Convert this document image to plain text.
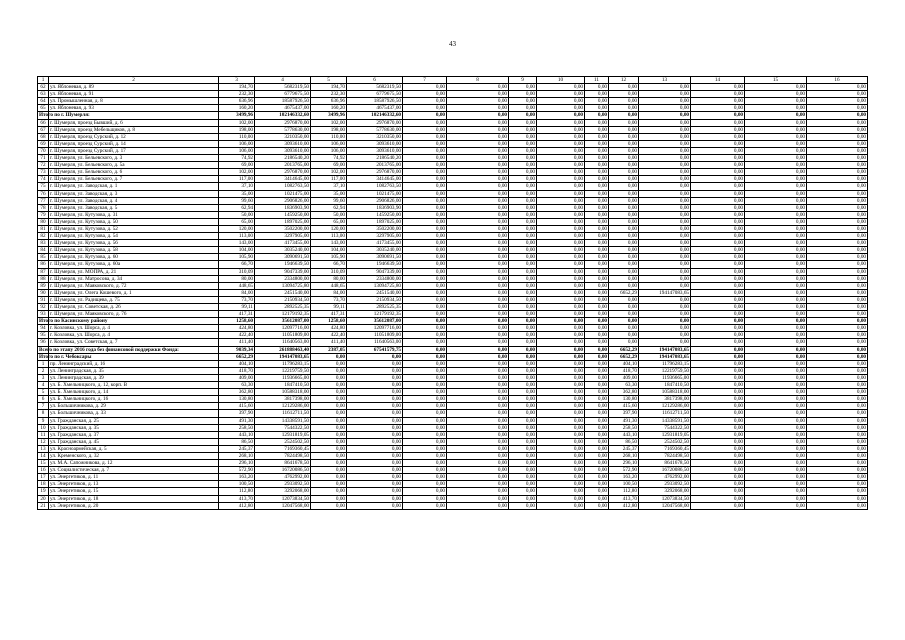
43
1	2	3	4	5	6	7	8	9	10	11	12	13	14	15	16
62	ул. Яблоневая, д. 89	194,70	5682319,50	194,70	5682319,50	0,00	0,00	0,00	0,00	0,00	0,00	0,00	0,00	0,00	0,00
63	ул. Яблоневая, д. 91	232,30	6779675,50	232,30	6779675,50	0,00	0,00	0,00	0,00	0,00	0,00	0,00	0,00	0,00	0,00
64	ул. Промышленная, д. 8	636,96	18587926,50	636,96	18587926,50	0,00	0,00	0,00	0,00	0,00	0,00	0,00	0,00	0,00	0,00
65	ул. Яблоневая, д. 93	160,20	4675437,00	160,20	4675437,00	0,00	0,00	0,00	0,00	0,00	0,00	0,00	0,00	0,00	0,00
Итого по г. Шумерля:		3499,96	102146332,60	3499,96	102146332,60	0,00	0,00	0,00	0,00	0,00	0,00	0,00	0,00	0,00	0,00
66	г. Шумерля, проезд Бывший, д. 6	102,00	2976870,00	102,00	2976870,00	0,00	0,00	0,00	0,00	0,00	0,00	0,00	0,00	0,00	0,00
67	г. Шумерля, проезд Мебельщиков, д. 8	198,00	5778630,00	198,00	5778630,00	0,00	0,00	0,00	0,00	0,00	0,00	0,00	0,00	0,00	0,00
68	г. Шумерля, проезд Сурский, д. 12	110,00	3210350,00	110,00	3210350,00	0,00	0,00	0,00	0,00	0,00	0,00	0,00	0,00	0,00	0,00
69	г. Шумерля, проезд Сурский, д. 14	106,00	3093610,00	106,00	3093610,00	0,00	0,00	0,00	0,00	0,00	0,00	0,00	0,00	0,00	0,00
70	г. Шумерля, проезд Сурский, д. 17	106,00	3093610,00	106,00	3093610,00	0,00	0,00	0,00	0,00	0,00	0,00	0,00	0,00	0,00	0,00
71	г. Шумерля, ул. Бельевского, д. 3	74,92	2186540,20	74,92	2186540,20	0,00	0,00	0,00	0,00	0,00	0,00	0,00	0,00	0,00	0,00
72	г. Шумерля, ул. Бельевского, д. 5а	69,00	2013765,00	69,00	2013765,00	0,00	0,00	0,00	0,00	0,00	0,00	0,00	0,00	0,00	0,00
73	г. Шумерля, ул. Бельевского, д. 6	102,00	2976870,00	102,00	2976870,00	0,00	0,00	0,00	0,00	0,00	0,00	0,00	0,00	0,00	0,00
74	г. Шумерля, ул. Бельевского, д. 7	117,00	3414645,00	117,00	3414645,00	0,00	0,00	0,00	0,00	0,00	0,00	0,00	0,00	0,00	0,00
75	г. Шумерля, ул. Заводская, д. 1	37,10	1082763,50	37,10	1082763,50	0,00	0,00	0,00	0,00	0,00	0,00	0,00	0,00	0,00	0,00
76	г. Шумерля, ул. Заводская, д. 3	35,00	1021475,00	35,00	1021475,00	0,00	0,00	0,00	0,00	0,00	0,00	0,00	0,00	0,00	0,00
77	г. Шумерля, ул. Заводская, д. 4	99,60	2906826,00	99,60	2906826,00	0,00	0,00	0,00	0,00	0,00	0,00	0,00	0,00	0,00	0,00
78	г. Шумерля, ул. Заводская, д. 5	62,94	1836903,90	62,94	1836903,90	0,00	0,00	0,00	0,00	0,00	0,00	0,00	0,00	0,00	0,00
79	г. Шумерля, ул. Кутузова, д. 31	50,00	1459250,00	50,00	1459250,00	0,00	0,00	0,00	0,00	0,00	0,00	0,00	0,00	0,00	0,00
80	г. Шумерля, ул. Кутузова, д. 50	65,00	1897025,00	65,00	1897025,00	0,00	0,00	0,00	0,00	0,00	0,00	0,00	0,00	0,00	0,00
81	г. Шумерля, ул. Кутузова, д. 52	120,00	3502200,00	120,00	3502200,00	0,00	0,00	0,00	0,00	0,00	0,00	0,00	0,00	0,00	0,00
82	г. Шумерля, ул. Кутузова, д. 54	113,00	3297905,00	113,00	3297905,00	0,00	0,00	0,00	0,00	0,00	0,00	0,00	0,00	0,00	0,00
83	г. Шумерля, ул. Кутузова, д. 56	143,00	4173455,00	143,00	4173455,00	0,00	0,00	0,00	0,00	0,00	0,00	0,00	0,00	0,00	0,00
84	г. Шумерля, ул. Кутузова, д. 58	104,00	3035240,00	104,00	3035240,00	0,00	0,00	0,00	0,00	0,00	0,00	0,00	0,00	0,00	0,00
85	г. Шумерля, ул. Кутузова, д. 60	105,90	3090691,50	105,90	3090691,50	0,00	0,00	0,00	0,00	0,00	0,00	0,00	0,00	0,00	0,00
86	г. Шумерля, ул. Кутузова, д. 60а	66,70	1946639,50	66,70	1946639,50	0,00	0,00	0,00	0,00	0,00	0,00	0,00	0,00	0,00	0,00
87	г. Шумерля, ул. МОПРА, д. 21	310,09	9047339,00	310,09	9047339,00	0,00	0,00	0,00	0,00	0,00	0,00	0,00	0,00	0,00	0,00
88	г. Шумерля, ул. Матросова, д. 34	80,00	2334800,00	80,00	2334800,00	0,00	0,00	0,00	0,00	0,00	0,00	0,00	0,00	0,00	0,00
89	г. Шумерля, ул. Маяковского, д. 72	448,65	13094725,80	448,65	13094725,80	0,00	0,00	0,00	0,00	0,00	0,00	0,00	0,00	0,00	0,00
90	г. Шумерля, ул. Олега Кошевого, д. 1	84,00	2451540,00	84,00	2451540,00	0,00	0,00	0,00	0,00	0,00	6652,29	194147083,65	0,00	0,00	0,00
91	г. Шумерля, ул. Радищева, д. 75	73,70	2150934,50	73,70	2150934,50	0,00	0,00	0,00	0,00	0,00	0,00	0,00	0,00	0,00	0,00
92	г. Шумерля, ул. Советская, д. 26	99,11	2892525,35	99,11	2892525,35	0,00	0,00	0,00	0,00	0,00	0,00	0,00	0,00	0,00	0,00
93	г. Шумерля, ул. Маяковского, д. 76	417,31	12179192,35	417,31	12179192,35	0,00	0,00	0,00	0,00	0,00	0,00	0,00	0,00	0,00	0,00
Итого по Касинскому району		1258,60	35612087,00	1258,60	35612087,00	0,00	0,00	0,00	0,00	0,00	0,00	0,00	0,00	0,00	0,00
94	г. Козловка, ул. Шорса, д. 4	424,80	12097716,00	424,80	12097716,00	0,00	0,00	0,00	0,00	0,00	0,00	0,00	0,00	0,00	0,00
95	г. Козловка, ул. Шорса, д. 4	422,40	11051809,00	422,40	11051809,00	0,00	0,00	0,00	0,00	0,00	0,00	0,00	0,00	0,00	0,00
96	г. Козловка, ул. Советская, д. 7	411,40	11640563,00	411,40	11640563,00	0,00	0,00	0,00	0,00	0,00	0,00	0,00	0,00	0,00	0,00
Всего по этапу 2016 года без финансовой поддержки Фонда:		9039,34	261888463,40	2387,05	67541579,75	0,00	0,00	0,00	0,00	0,00	6652,29	194147083,65	0,00	0,00	0,00
Итого по г. Чебоксары		6652,29	194147083,65	0,00	0,00	0,00	0,00	0,00	0,00	0,00	6652,29	194147083,65	0,00	0,00	0,00
1	пр. Ленинградский, д. 16	404,10	11796283,15	0,00	0,00	0,00	0,00	0,00	0,00	0,00	404,10	11796283,15	0,00	0,00	0,00
2	ул. Ленинградская, д. 35	418,70	12219759,50	0,00	0,00	0,00	0,00	0,00	0,00	0,00	418,70	12219759,50	0,00	0,00	0,00
3	ул. Ленинградская, д. 39	409,00	11936665,00	0,00	0,00	0,00	0,00	0,00	0,00	0,00	409,00	11936665,00	0,00	0,00	0,00
4	ул. Б. Хмельницкого, д. 12, корп. В	63,30	1847410,50	0,00	0,00	0,00	0,00	0,00	0,00	0,00	63,30	1847410,50	0,00	0,00	0,00
5	ул. Б. Хмельницкого, д. 14	362,80	10588318,00	0,00	0,00	0,00	0,00	0,00	0,00	0,00	362,80	10588318,00	0,00	0,00	0,00
6	ул. Б. Хмельницкого, д. 16	130,80	3817398,00	0,00	0,00	0,00	0,00	0,00	0,00	0,00	130,80	3817398,00	0,00	0,00	0,00
7	ул. Болъшичникова, д. 29	415,60	12129286,00	0,00	0,00	0,00	0,00	0,00	0,00	0,00	415,60	12129286,00	0,00	0,00	0,00
8	ул. Болъшичникова, д. 33	397,90	11612711,50	0,00	0,00	0,00	0,00	0,00	0,00	0,00	397,90	11612711,50	0,00	0,00	0,00
9	ул. Гражданская, д. 25	491,30	14338591,50	0,00	0,00	0,00	0,00	0,00	0,00	0,00	491,30	14338591,50	0,00	0,00	0,00
10	ул. Гражданская, д. 35	258,50	7544322,50	0,00	0,00	0,00	0,00	0,00	0,00	0,00	258,50	7544322,50	0,00	0,00	0,00
11	ул. Гражданская, д. 37	443,10	12931819,05	0,00	0,00	0,00	0,00	0,00	0,00	0,00	443,10	12931819,05	0,00	0,00	0,00
12	ул. Гражданская, д. 45	86,50	2524502,50	0,00	0,00	0,00	0,00	0,00	0,00	0,00	86,50	2524502,50	0,00	0,00	0,00
13	ул. Красноармейская, д. 5	245,37	7169360,45	0,00	0,00	0,00	0,00	0,00	0,00	0,00	245,37	7169360,45	0,00	0,00	0,00
14	ул. Кременского, д. 32	268,10	7824498,50	0,00	0,00	0,00	0,00	0,00	0,00	0,00	268,10	7824498,50	0,00	0,00	0,00
15	ул. М.А. Сапожникова, д. 12	296,10	8641678,50	0,00	0,00	0,00	0,00	0,00	0,00	0,00	296,10	8641678,50	0,00	0,00	0,00
16	ул. Социалистическая, д. 7	572,90	16720086,50	0,00	0,00	0,00	0,00	0,00	0,00	0,00	572,90	16720086,50	0,00	0,00	0,00
17	ул. Энергетиков, д. 11	163,20	4762992,00	0,00	0,00	0,00	0,00	0,00	0,00	0,00	163,20	4762992,00	0,00	0,00	0,00
18	ул. Энергетиков, д. 13	100,50	2933092,50	0,00	0,00	0,00	0,00	0,00	0,00	0,00	100,50	2933092,50	0,00	0,00	0,00
19	ул. Энергетиков, д. 15	112,80	3292068,00	0,00	0,00	0,00	0,00	0,00	0,00	0,00	112,80	3292068,00	0,00	0,00	0,00
20	ул. Энергетиков, д. 18	413,70	12073834,50	0,00	0,00	0,00	0,00	0,00	0,00	0,00	413,70	12073834,50	0,00	0,00	0,00
21	ул. Энергетиков, д. 20	412,80	12047568,00	0,00	0,00	0,00	0,00	0,00	0,00	0,00	412,80	12047568,00	0,00	0,00	0,00
